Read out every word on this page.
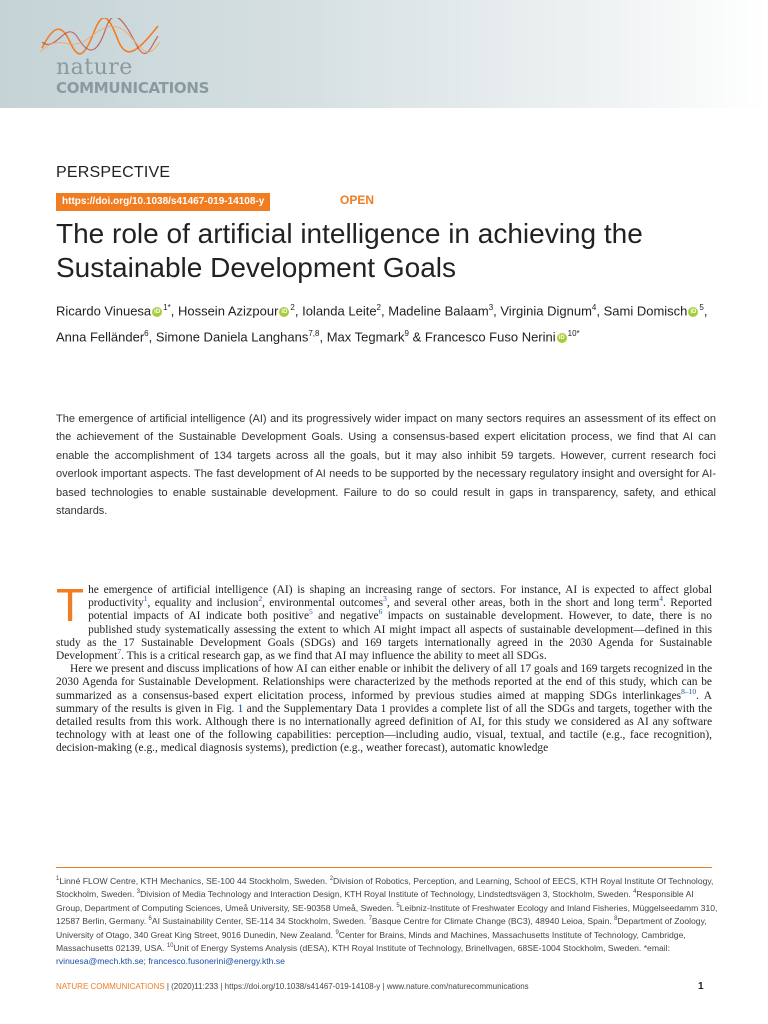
nature
COMMUNICATIONS
PERSPECTIVE
https://doi.org/10.1038/s41467-019-14108-y	OPEN
The role of artificial intelligence in achieving the Sustainable Development Goals
Ricardo Vinuesa iD $^{1*}$, Hossein Azizpour iD $^2$, Iolanda Leite$^2$, Madeline Balaam$^3$, Virginia Dignum$^4$, Sami Domisch iD $^5$, Anna Felländer$^6$, Simone Daniela Langhans$^{7,8}$, Max Tegmark$^9$ & Francesco Fuso Nerini iD $^{10*}$
The emergence of artificial intelligence (AI) and its progressively wider impact on many sectors requires an assessment of its effect on the achievement of the Sustainable Development Goals. Using a consensus-based expert elicitation process, we find that AI can enable the accomplishment of 134 targets across all the goals, but it may also inhibit 59 targets. However, current research foci overlook important aspects. The fast development of AI needs to be supported by the necessary regulatory insight and oversight for AI-based technologies to enable sustainable development. Failure to do so could result in gaps in transparency, safety, and ethical standards.
T he emergence of artificial intelligence (AI) is shaping an increasing range of sectors. For instance, AI is expected to affect global productivity$^1$, equality and inclusion$^2$, environmental outcomes$^3$, and several other areas, both in the short and long term$^4$. Reported potential impacts of AI indicate both positive$^5$ and negative$^6$ impacts on sustainable development. However, to date, there is no published study systematically assessing the extent to which AI might impact all aspects of sustainable development—defined in this study as the 17 Sustainable Development Goals (SDGs) and 169 targets internationally agreed in the 2030 Agenda for Sustainable Development$^7$. This is a critical research gap, as we find that AI may influence the ability to meet all SDGs.

Here we present and discuss implications of how AI can either enable or inhibit the delivery of all 17 goals and 169 targets recognized in the 2030 Agenda for Sustainable Development. Relationships were characterized by the methods reported at the end of this study, which can be summarized as a consensus-based expert elicitation process, informed by previous studies aimed at mapping SDGs interlinkages$^{8-10}$. A summary of the results is given in Fig. 1 and the Supplementary Data 1 provides a complete list of all the SDGs and targets, together with the detailed results from this work. Although there is no internationally agreed definition of AI, for this study we considered as AI any software technology with at least one of the following capabilities: perception—including audio, visual, textual, and tactile (e.g., face recognition), decision-making (e.g., medical diagnosis systems), prediction (e.g., weather forecast), automatic knowledge

$^1$Linné FLOW Centre, KTH Mechanics, SE-100 44 Stockholm, Sweden. $^2$Division of Robotics, Perception, and Learning, School of EECS, KTH Royal Institute Of Technology, Stockholm, Sweden. $^3$Division of Media Technology and Interaction Design, KTH Royal Institute of Technology, Lindstedtsvägen 3, Stockholm, Sweden. $^4$Responsible AI Group, Department of Computing Sciences, Umeå University, SE-90358 Umeå, Sweden. $^5$Leibniz-Institute of Freshwater Ecology and Inland Fisheries, Müggelseedamm 310, 12587 Berlin, Germany. $^6$AI Sustainability Center, SE-114 34 Stockholm, Sweden. $^7$Basque Centre for Climate Change (BC3), 48940 Leioa, Spain. $^8$Department of Zoology, University of Otago, 340 Great King Street, 9016 Dunedin, New Zealand. $^9$Center for Brains, Minds and Machines, Massachusetts Institute of Technology, Cambridge, Massachusetts 02139, USA. $^{10}$Unit of Energy Systems Analysis (dESA), KTH Royal Institute of Technology, Brinellvagen, 68SE-1004 Stockholm, Sweden. *email: rvinuesa@mech.kth.se; francesco.fusonerini@energy.kth.se
NATURE COMMUNICATIONS | (2020)11:233 | https://doi.org/10.1038/s41467-019-14108-y | www.nature.com/naturecommunications	1
